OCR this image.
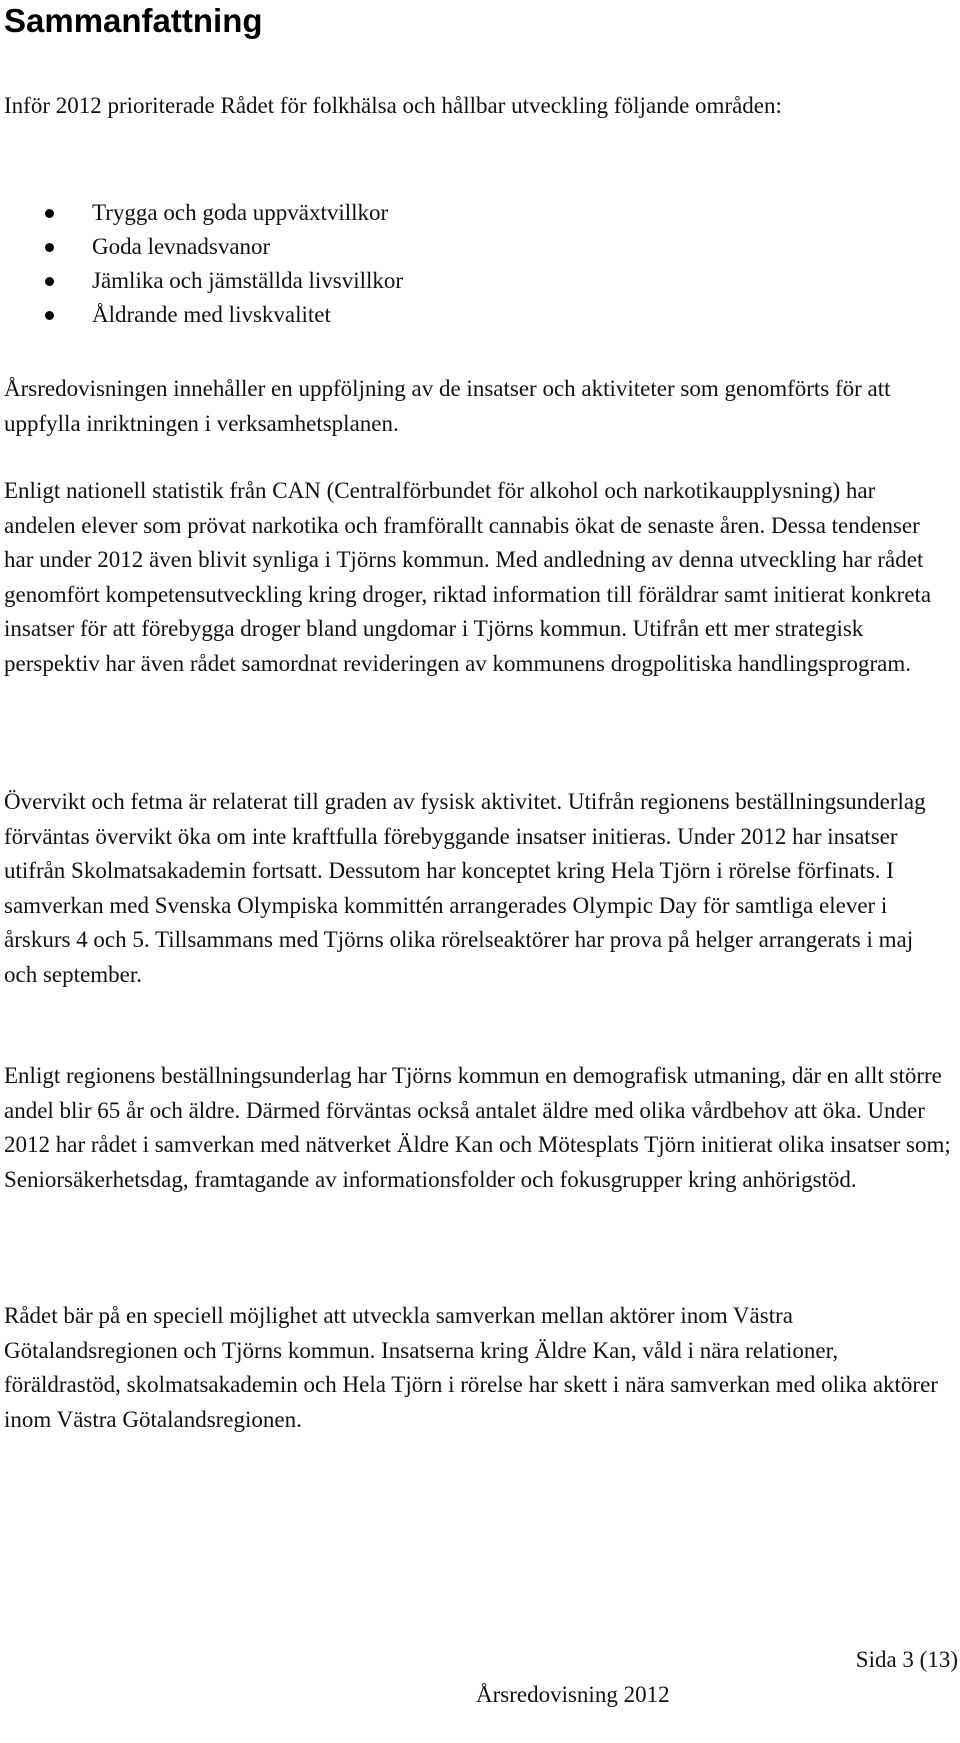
Sammanfattning

Inför 2012 prioriterade Rådet för folkhälsa och hållbar utveckling följande områden:

Trygga och goda uppväxtvillkor
Goda levnadsvanor
Jämlika och jämställda livsvillkor
Åldrande med livskvalitet

Årsredovisningen innehåller en uppföljning av de insatser och aktiviteter som genomförts för att uppfylla inriktningen i verksamhetsplanen.

Enligt nationell statistik från CAN (Centralförbundet för alkohol och narkotikaupplysning) har andelen elever som prövat narkotika och framförallt cannabis ökat de senaste åren. Dessa tendenser har under 2012 även blivit synliga i Tjörns kommun. Med andledning av denna utveckling har rådet genomfört kompetensutveckling kring droger, riktad information till föräldrar samt initierat konkreta insatser för att förebygga droger bland ungdomar i Tjörns kommun. Utifrån ett mer strategisk perspektiv har även rådet samordnat revideringen av kommunens drogpolitiska handlingsprogram.

Övervikt och fetma är relaterat till graden av fysisk aktivitet. Utifrån regionens beställningsunderlag förväntas övervikt öka om inte kraftfulla förebyggande insatser initieras. Under 2012 har insatser utifrån Skolmatsakademin fortsatt. Dessutom har konceptet kring Hela Tjörn i rörelse förfinats. I samverkan med Svenska Olympiska kommittén arrangerades Olympic Day för samtliga elever i årskurs 4 och 5. Tillsammans med Tjörns olika rörelseaktörer har prova på helger arrangerats i maj och september.

Enligt regionens beställningsunderlag har Tjörns kommun en demografisk utmaning, där en allt större andel blir 65 år och äldre. Därmed förväntas också antalet äldre med olika vårdbehov att öka. Under 2012 har rådet i samverkan med nätverket Äldre Kan och Mötesplats Tjörn initierat olika insatser som; Seniorsäkerhetsdag, framtagande av informationsfolder och fokusgrupper kring anhörigstöd.

Rådet bär på en speciell möjlighet att utveckla samverkan mellan aktörer inom Västra Götalandsregionen och Tjörns kommun. Insatserna kring Äldre Kan, våld i nära relationer, föräldrastöd, skolmatsakademin och Hela Tjörn i rörelse har skett i nära samverkan med olika aktörer inom Västra Götalandsregionen.

Sida 3 (13)
Årsredovisning 2012
